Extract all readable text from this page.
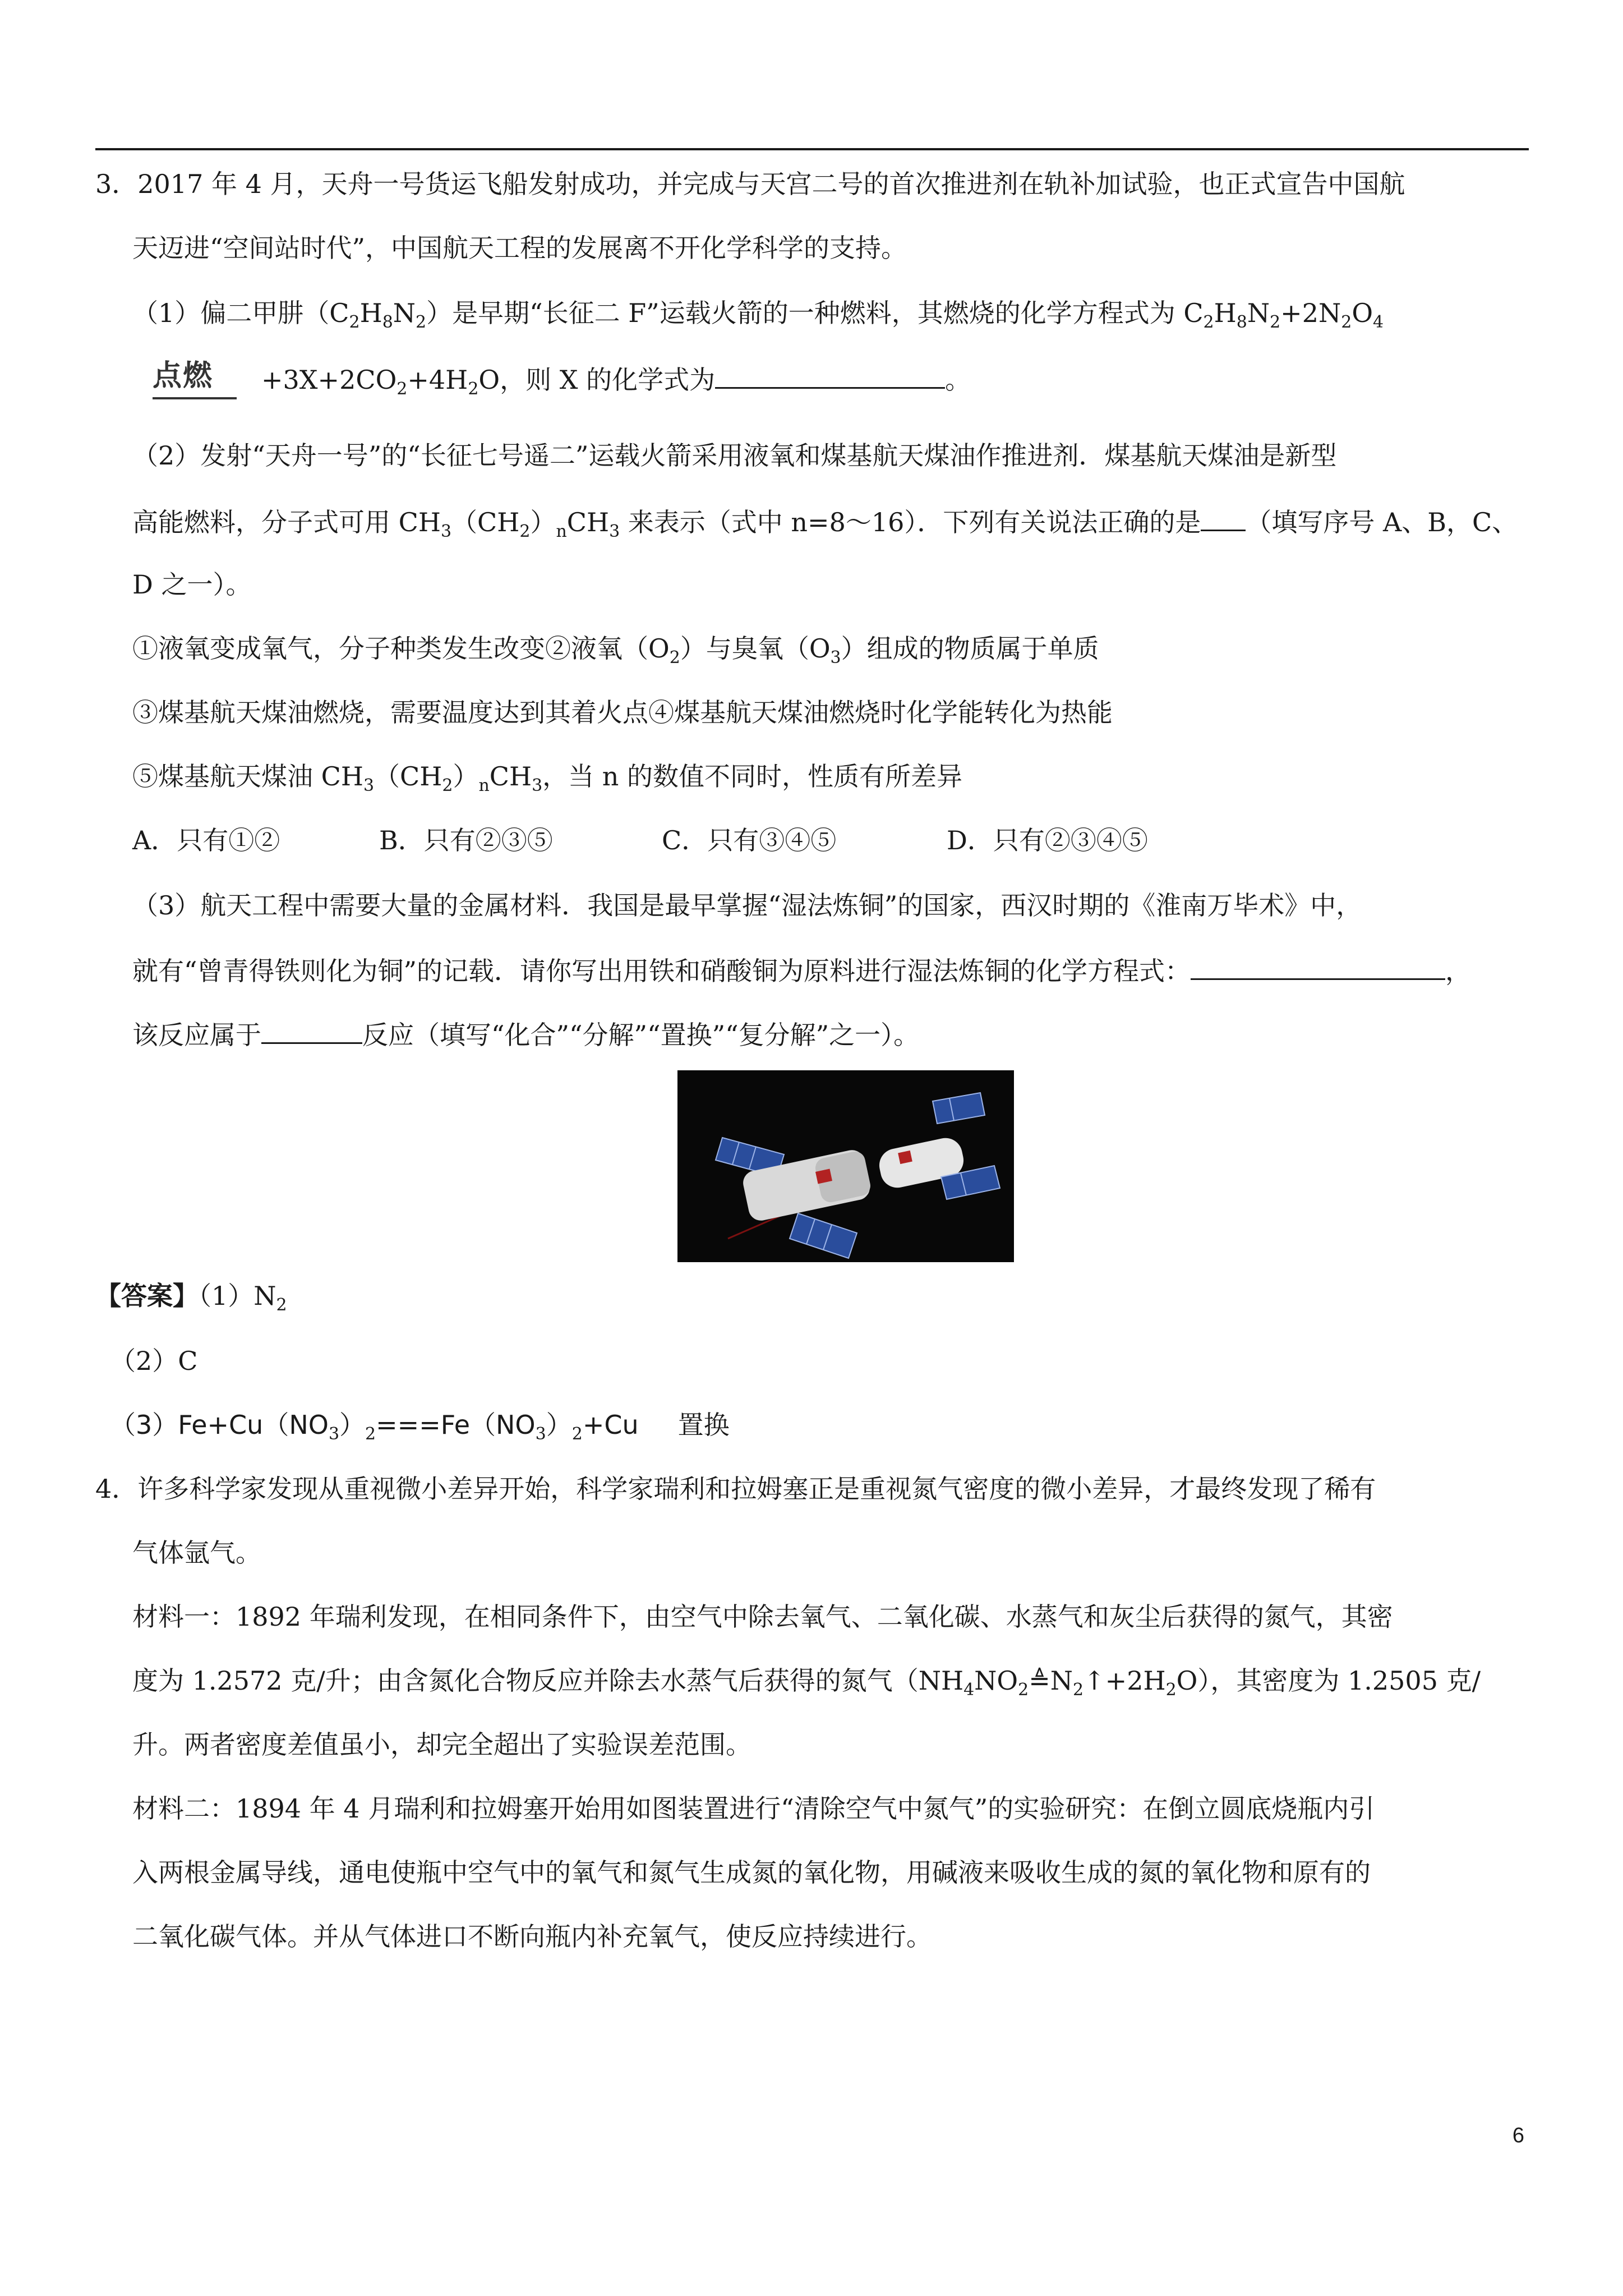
3．2017 年 4 月，天舟一号货运飞船发射成功，并完成与天宫二号的首次推进剂在轨补加试验，也正式宣告中国航
天迈进“空间站时代”，中国航天工程的发展离不开化学科学的支持。
（1）偏二甲肼$(C_2H_8N_2)$是早期“长征二 F”运载火箭的一种燃料，其燃烧的化学方程式为 $C_2H_8N_2+2N_2O_4$
点燃	$+3X+2CO_2+4H_2O$，则 X 的化学式为	。
（2）发射“天舟一号”的“长征七号遥二”运载火箭采用液氧和煤基航天煤油作推进剂．煤基航天煤油是新型
高能燃料，分子式可用 $CH_3(CH_2)_nCH_3$ 来表示（式中 n=8～16）．下列有关说法正确的是 （填写序号 A、B，C、
D 之一）。
①液氧变成氧气，分子种类发生改变②液氧$(O_2)$与臭氧$(O_3)$组成的物质属于单质
③煤基航天煤油燃烧，需要温度达到其着火点④煤基航天煤油燃烧时化学能转化为热能
⑤煤基航天煤油 $CH_3(CH_2)_nCH_3$，当 n 的数值不同时，性质有所差异
A．只有①②	B．只有②③⑤	C．只有③④⑤	D．只有②③④⑤
（3）航天工程中需要大量的金属材料．我国是最早掌握“湿法炼铜”的国家，西汉时期的《淮南万毕术》中，
就有“曾青得铁则化为铜”的记载．请你写出用铁和硝酸铜为原料进行湿法炼铜的化学方程式：	，
该反应属于	反应（填写“化合”“分解”“置换”“复分解”之一）。
【答案】$(1)N_2$
（2）C
$(3)Fe+Cu(NO_3)_2===Fe(NO_3)_2+Cu$ 置换
4．许多科学家发现从重视微小差异开始，科学家瑞利和拉姆塞正是重视氮气密度的微小差异，才最终发现了稀有
气体氩气。
材料一：1892 年瑞利发现，在相同条件下，由空气中除去氧气、二氧化碳、水蒸气和灰尘后获得的氮气，其密
度为 1.2572 克/升；由含氮化合物反应并除去水蒸气后获得的氮气$(NH_4NO_2≜N_2↑+2H_2O)$，其密度为 1.2505 克/
升。两者密度差值虽小，却完全超出了实验误差范围。
材料二：1894 年 4 月瑞利和拉姆塞开始用如图装置进行“清除空气中氮气”的实验研究：在倒立圆底烧瓶内引
入两根金属导线，通电使瓶中空气中的氧气和氮气生成氮的氧化物，用碱液来吸收生成的氮的氧化物和原有的
二氧化碳气体。并从气体进口不断向瓶内补充氧气，使反应持续进行。
6
